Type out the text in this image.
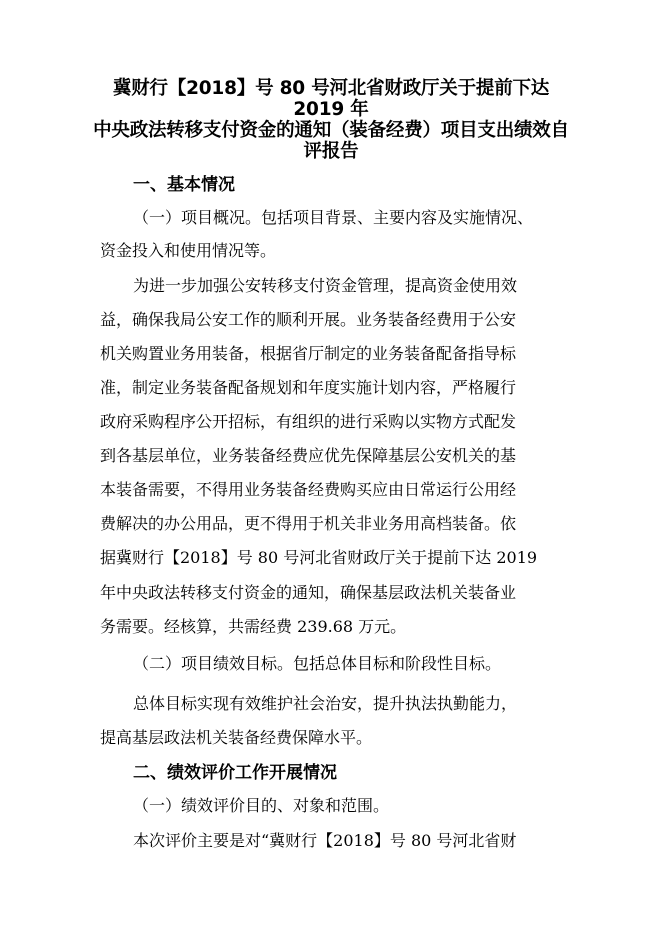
冀财行【2018】号 80 号河北省财政厅关于提前下达 2019 年
中央政法转移支付资金的通知（装备经费）项目支出绩效自
评报告
一、基本情况
（一）项目概况。包括项目背景、主要内容及实施情况、
资金投入和使用情况等。
为进一步加强公安转移支付资金管理，提高资金使用效
益，确保我局公安工作的顺利开展。业务装备经费用于公安
机关购置业务用装备，根据省厅制定的业务装备配备指导标
准，制定业务装备配备规划和年度实施计划内容，严格履行
政府采购程序公开招标，有组织的进行采购以实物方式配发
到各基层单位，业务装备经费应优先保障基层公安机关的基
本装备需要，不得用业务装备经费购买应由日常运行公用经
费解决的办公用品，更不得用于机关非业务用高档装备。依
据冀财行【2018】号 80 号河北省财政厅关于提前下达 2019
年中央政法转移支付资金的通知，确保基层政法机关装备业
务需要。经核算，共需经费 239.68 万元。
（二）项目绩效目标。包括总体目标和阶段性目标。
总体目标实现有效维护社会治安，提升执法执勤能力，
提高基层政法机关装备经费保障水平。
二、绩效评价工作开展情况
（一）绩效评价目的、对象和范围。
本次评价主要是对“冀财行【2018】号 80 号河北省财
